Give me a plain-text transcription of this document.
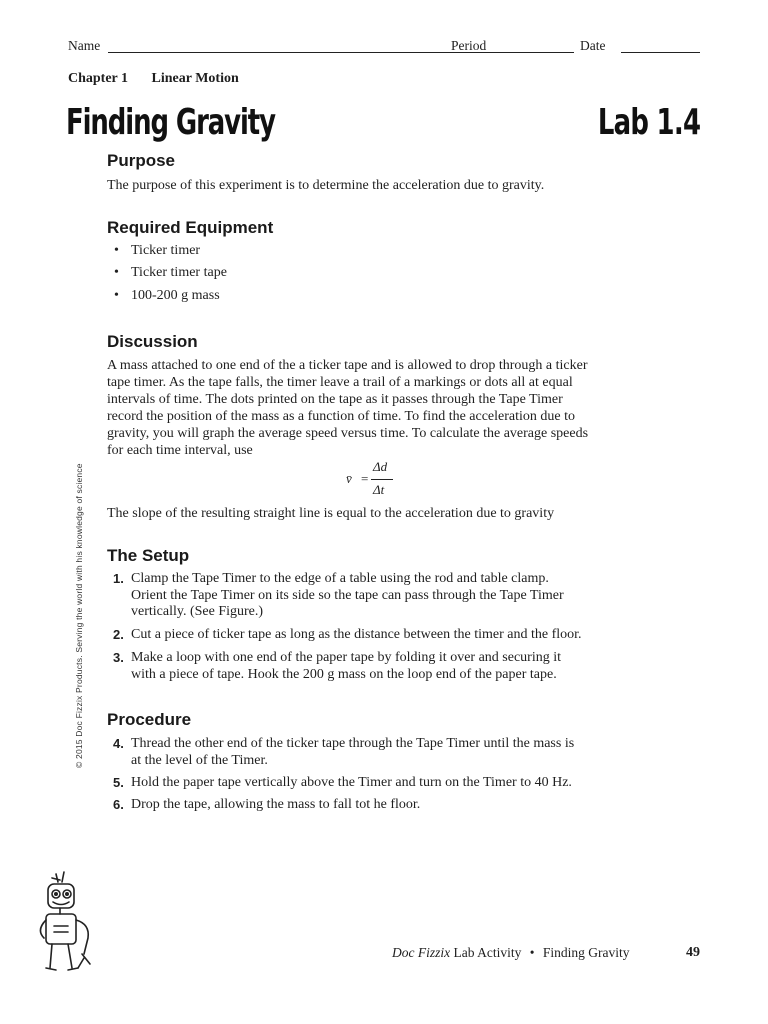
Name	Period	Date
Chapter 1 Linear Motion
Finding Gravity	Lab 1.4
Purpose
The purpose of this experiment is to determine the acceleration due to gravity.
Required Equipment
• Ticker timer
• Ticker timer tape
• 100-200 g mass
Discussion
A mass attached to one end of the a ticker tape and is allowed to drop through a ticker
tape timer. As the tape falls, the timer leave a trail of a markings or dots all at equal
intervals of time. The dots printed on the tape as it passes through the Tape Timer
record the position of the mass as a function of time. To find the acceleration due to
gravity, you will graph the average speed versus time. To calculate the average speeds
for each time interval, use
v̄ =
Δd
Δt
The slope of the resulting straight line is equal to the acceleration due to gravity
The Setup
1. Clamp the Tape Timer to the edge of a table using the rod and table clamp.
Orient the Tape Timer on its side so the tape can pass through the Tape Timer
vertically. (See Figure.)
2. Cut a piece of ticker tape as long as the distance between the timer and the floor.
3. Make a loop with one end of the paper tape by folding it over and securing it
with a piece of tape. Hook the 200 g mass on the loop end of the paper tape.
Procedure
4. Thread the other end of the ticker tape through the Tape Timer until the mass is
at the level of the Timer.
5. Hold the paper tape vertically above the Timer and turn on the Timer to 40 Hz.
6. Drop the tape, allowing the mass to fall tot he floor.
© 2015 Doc Fizzix Products. Serving the world with his knowledge of science
Doc Fizzix Lab Activity • Finding Gravity	49
